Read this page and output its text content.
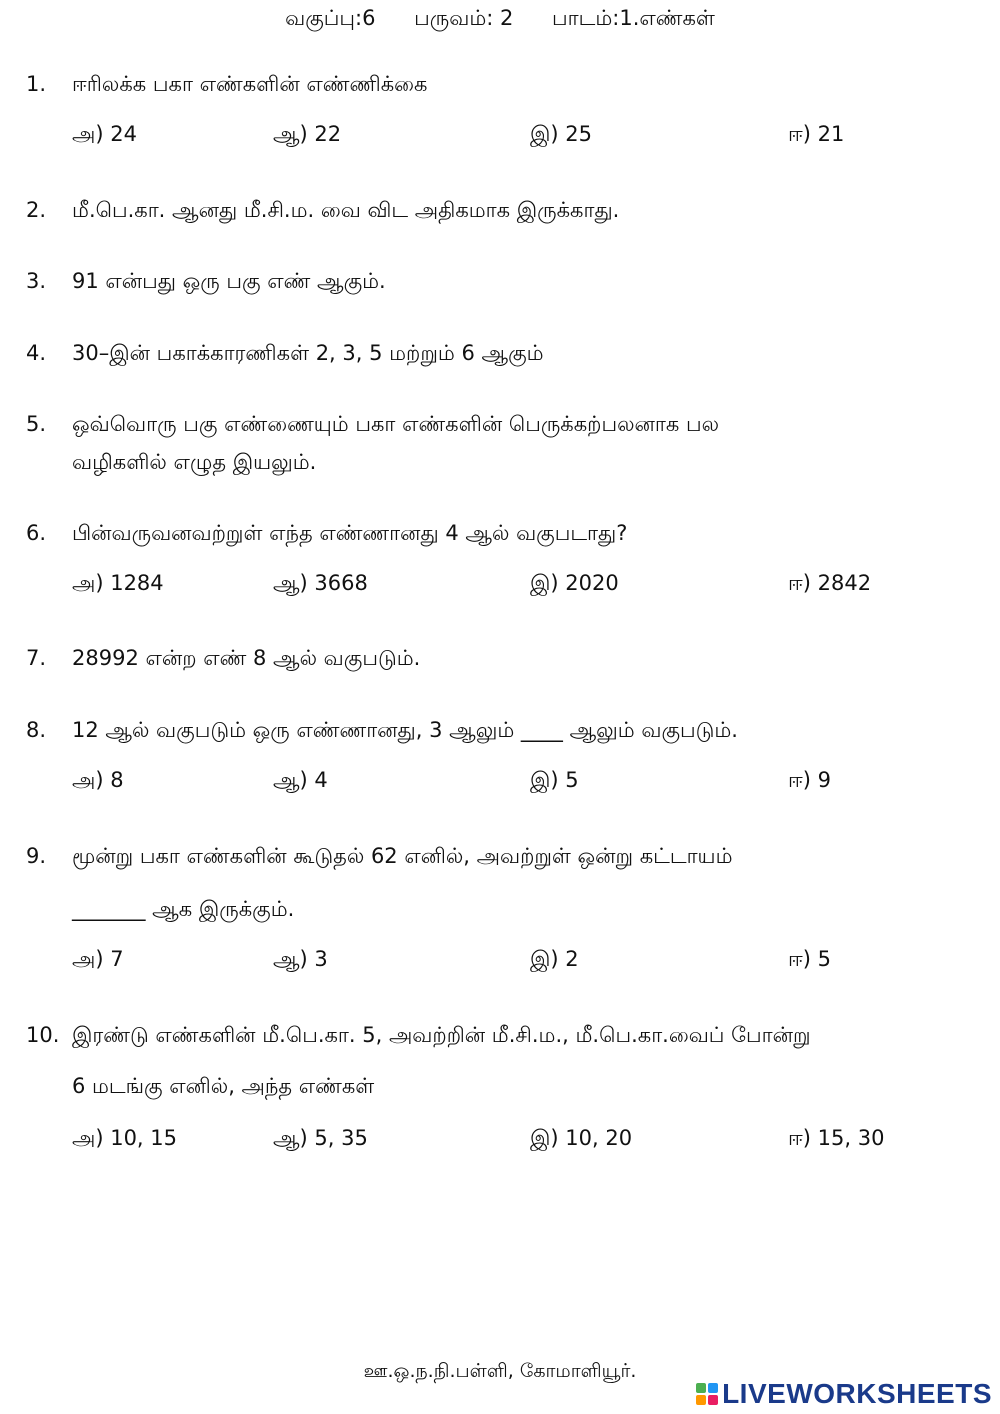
வகுப்பு:6 பருவம்: 2 பாடம்:1.எண்கள்
1. ஈரிலக்க பகா எண்களின் எண்ணிக்கை
அ) 24	ஆ) 22	இ) 25	ஈ) 21
2. மீ.பெ.கா. ஆனது மீ.சி.ம. வை விட அதிகமாக இருக்காது.
3. 91 என்பது ஒரு பகு எண் ஆகும்.
4. 30–இன் பகாக்காரணிகள் 2, 3, 5 மற்றும் 6 ஆகும்
5. ஒவ்வொரு பகு எண்ணையும் பகா எண்களின் பெருக்கற்பலனாக பல
வழிகளில் எழுத இயலும்.
6. பின்வருவனவற்றுள் எந்த எண்ணானது 4 ஆல் வகுபடாது?
அ) 1284	ஆ) 3668	இ) 2020	ஈ) 2842
7. 28992 என்ற எண் 8 ஆல் வகுபடும்.
8. 12 ஆல் வகுபடும் ஒரு எண்ணானது, 3 ஆலும் ____ ஆலும் வகுபடும்.
அ) 8	ஆ) 4	இ) 5	ஈ) 9
9. மூன்று பகா எண்களின் கூடுதல் 62 எனில், அவற்றுள் ஒன்று கட்டாயம்
_______ ஆக இருக்கும்.
அ) 7	ஆ) 3	இ) 2	ஈ) 5
10. இரண்டு எண்களின் மீ.பெ.கா. 5, அவற்றின் மீ.சி.ம., மீ.பெ.கா.வைப் போன்று
6 மடங்கு எனில், அந்த எண்கள்
அ) 10, 15	ஆ) 5, 35	இ) 10, 20	ஈ) 15, 30
ஊ.ஒ.ந.நி.பள்ளி, கோமாளியூர்.
LIVEWORKSHEETS
